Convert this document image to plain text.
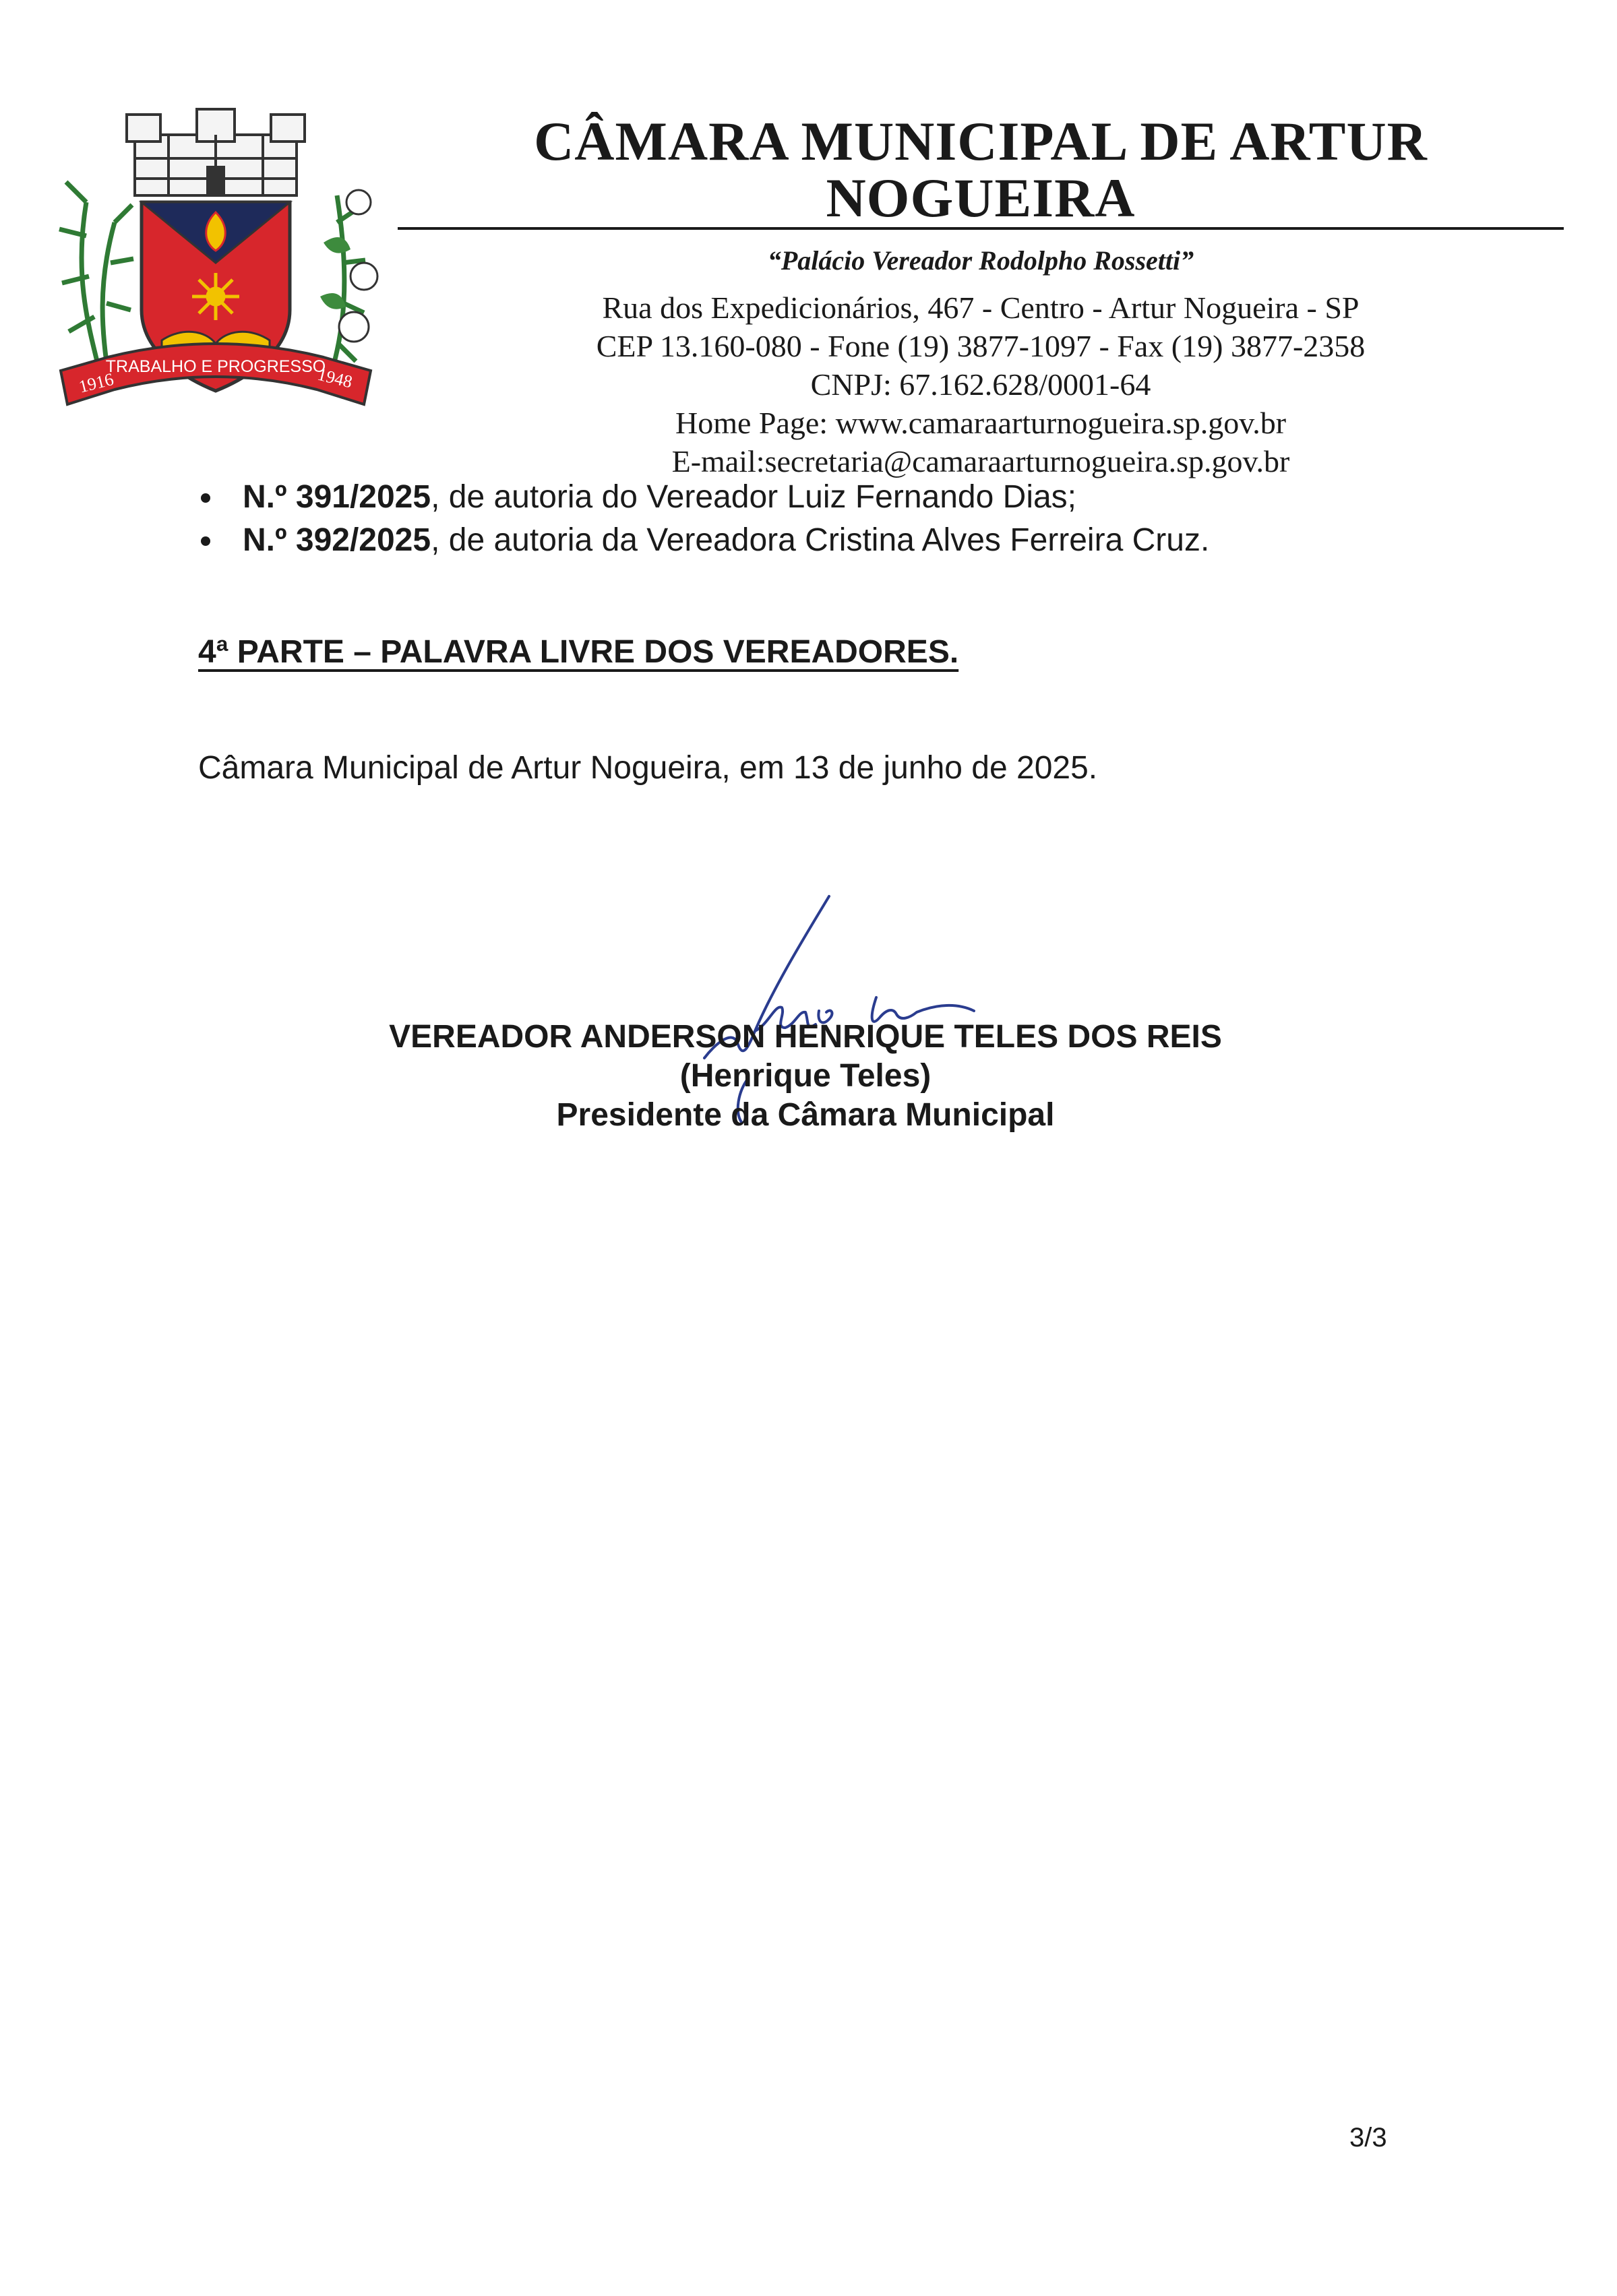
1916	1948
TRABALHO E PROGRESSO
CÂMARA MUNICIPAL DE ARTUR NOGUEIRA
“Palácio Vereador Rodolpho Rossetti”
Rua dos Expedicionários, 467 - Centro - Artur Nogueira - SP
CEP 13.160-080 - Fone (19) 3877-1097 - Fax (19) 3877-2358
CNPJ: 67.162.628/0001-64
Home Page: www.camaraarturnogueira.sp.gov.br
E-mail:secretaria@camaraarturnogueira.sp.gov.br
N.º 391/2025, de autoria do Vereador Luiz Fernando Dias;
N.º 392/2025, de autoria da Vereadora Cristina Alves Ferreira Cruz.
4ª PARTE – PALAVRA LIVRE DOS VEREADORES.
Câmara Municipal de Artur Nogueira, em 13 de junho de 2025.
VEREADOR ANDERSON HENRIQUE TELES DOS REIS
(Henrique Teles)
Presidente da Câmara Municipal
3/3
